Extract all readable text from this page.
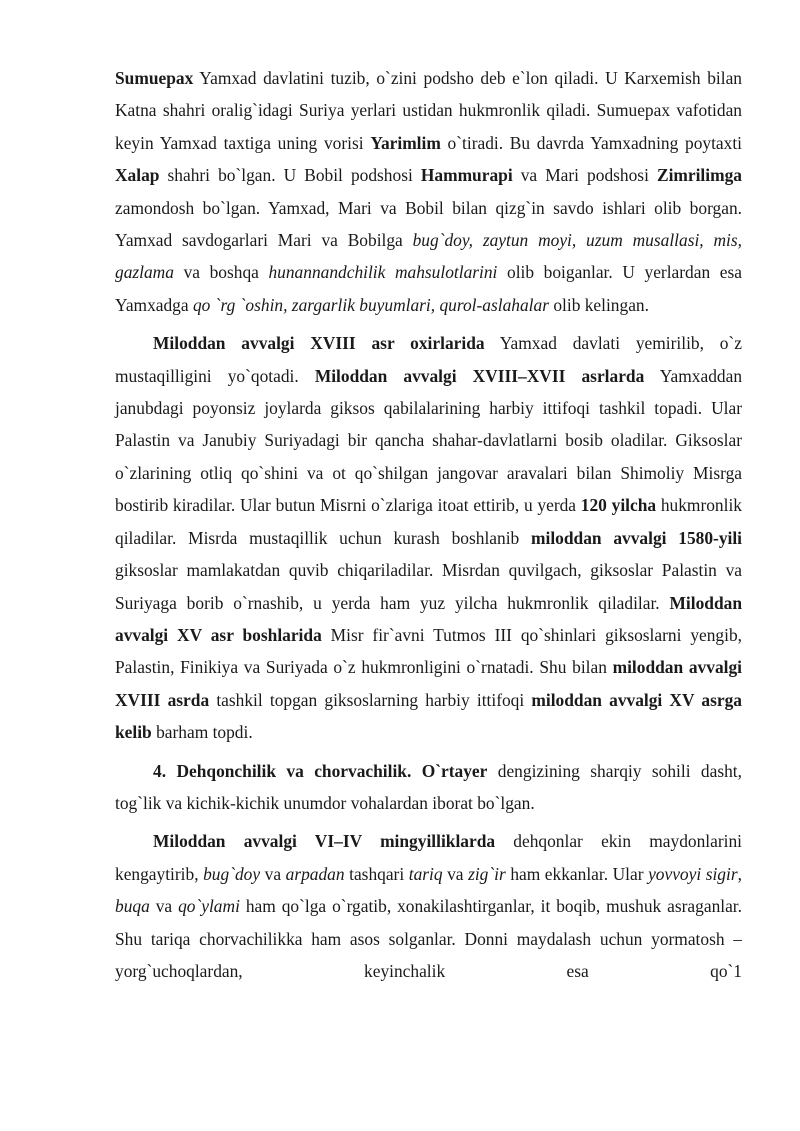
Sumuepax Yamxad davlatini tuzib, o`zini podsho deb e`lon qiladi. U Karxemish bilan Katna shahri oralig`idagi Suriya yerlari ustidan hukmronlik qiladi. Sumuepax vafotidan keyin Yamxad taxtiga uning vorisi Yarimlim o`tiradi. Bu davrda Yamxadning poytaxti Xalap shahri bo`lgan. U Bobil podshosi Hammurapi va Mari podshosi Zimrilimga zamondosh bo`lgan. Yamxad, Mari va Bobil bilan qizg`in savdo ishlari olib borgan. Yamxad savdogarlari Mari va Bobilga bug`doy, zaytun moyi, uzum musallasi, mis, gazlama va boshqa hunannandchilik mahsulotlarini olib boiganlar. U yerlardan esa Yamxadga qo `rg `oshin, zargarlik buyumlari, qurol-aslahalar olib kelingan.

Miloddan avvalgi XVIII asr oxirlarida Yamxad davlati yemirilib, o`z mustaqilligini yo`qotadi. Miloddan avvalgi XVIII–XVII asrlarda Yamxaddan janubdagi poyonsiz joylarda giksos qabilalarining harbiy ittifoqi tashkil topadi. Ular Palastin va Janubiy Suriyadagi bir qancha shahar-davlatlarni bosib oladilar. Giksoslar o`zlarining otliq qo`shini va ot qo`shilgan jangovar aravalari bilan Shimoliy Misrga bostirib kiradilar. Ular butun Misrni o`zlariga itoat ettirib, u yerda 120 yilcha hukmronlik qiladilar. Misrda mustaqillik uchun kurash boshlanib miloddan avvalgi 1580-yili giksoslar mamlakatdan quvib chiqariladilar. Misrdan quvilgach, giksoslar Palastin va Suriyaga borib o`rnashib, u yerda ham yuz yilcha hukmronlik qiladilar. Miloddan avvalgi XV asr boshlarida Misr fir`avni Tutmos III qo`shinlari giksoslarni yengib, Palastin, Finikiya va Suriyada o`z hukmronligini o`rnatadi. Shu bilan miloddan avvalgi XVIII asrda tashkil topgan giksoslarning harbiy ittifoqi miloddan avvalgi XV asrga kelib barham topdi.

4. Dehqonchilik va chorvachilik. O`rtayer dengizining sharqiy sohili dasht, tog`lik va kichik-kichik unumdor vohalardan iborat bo`lgan.

Miloddan avvalgi VI–IV mingyilliklarda dehqonlar ekin maydonlarini kengaytirib, bug`doy va arpadan tashqari tariq va zig`ir ham ekkanlar. Ular yovvoyi sigir, buqa va qo`ylami ham qo`lga o`rgatib, xonakilashtirganlar, it boqib, mushuk asraganlar. Shu tariqa chorvachilikka ham asos solganlar. Donni maydalash uchun yormatosh – yorg`uchoqlardan, keyinchalik esa qo`1
